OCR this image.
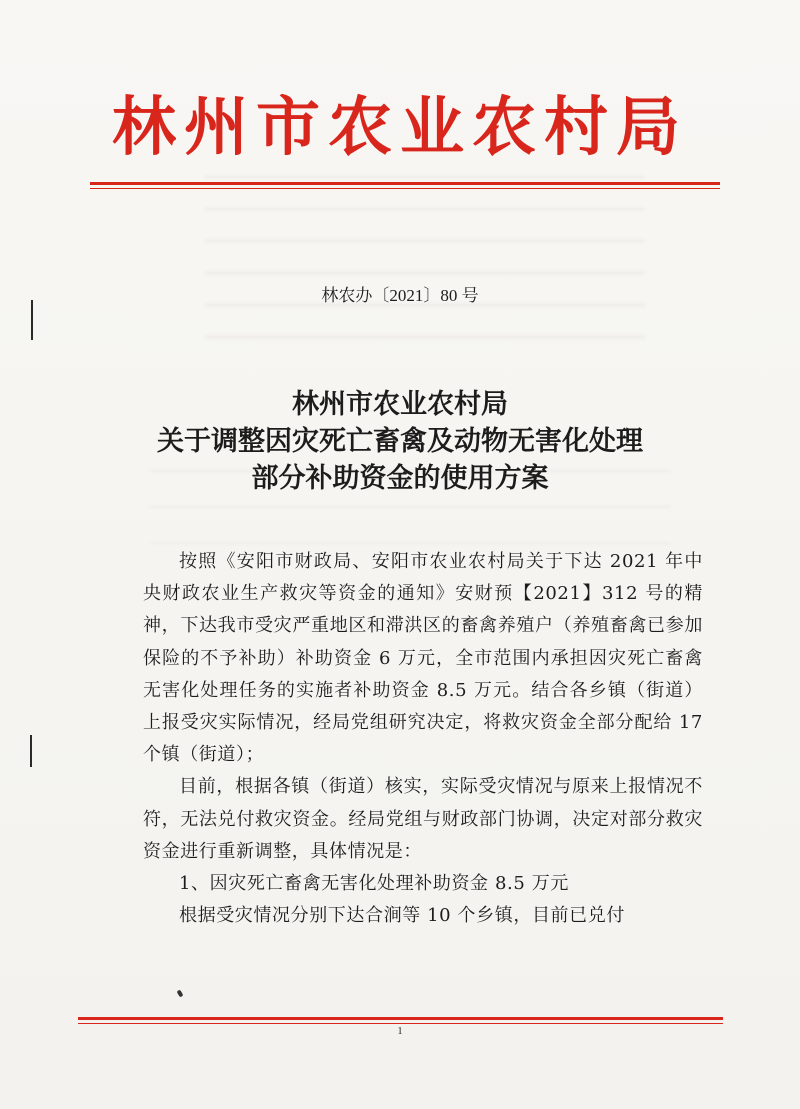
林州市农业农村局
林农办〔2021〕80 号
林州市农业农村局
关于调整因灾死亡畜禽及动物无害化处理
部分补助资金的使用方案

按照《安阳市财政局、安阳市农业农村局关于下达 2021 年中央财政农业生产救灾等资金的通知》安财预【2021】312 号的精神，下达我市受灾严重地区和滞洪区的畜禽养殖户（养殖畜禽已参加保险的不予补助）补助资金 6 万元，全市范围内承担因灾死亡畜禽无害化处理任务的实施者补助资金 8.5 万元。结合各乡镇（街道）上报受灾实际情况，经局党组研究决定，将救灾资金全部分配给 17 个镇（街道）；

目前，根据各镇（街道）核实，实际受灾情况与原来上报情况不符，无法兑付救灾资金。经局党组与财政部门协调，决定对部分救灾资金进行重新调整，具体情况是：

1、因灾死亡畜禽无害化处理补助资金 8.5 万元

根据受灾情况分别下达合涧等 10 个乡镇，目前已兑付

1
